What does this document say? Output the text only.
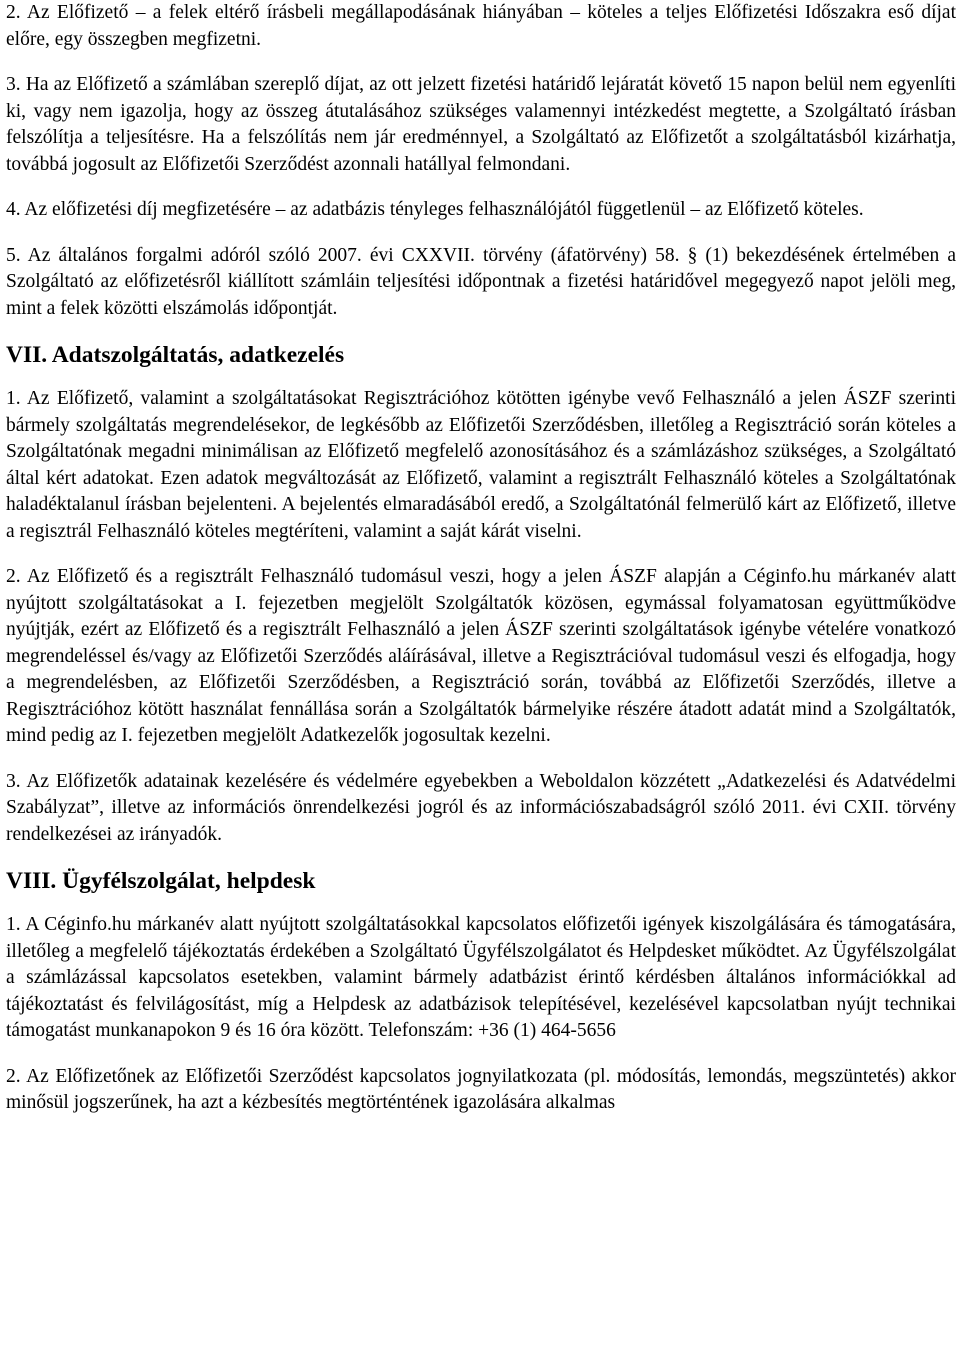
2. Az Előfizető – a felek eltérő írásbeli megállapodásának hiányában – köteles a teljes Előfizetési Időszakra eső díjat előre, egy összegben megfizetni.

3. Ha az Előfizető a számlában szereplő díjat, az ott jelzett fizetési határidő lejáratát követő 15 napon belül nem egyenlíti ki, vagy nem igazolja, hogy az összeg átutalásához szükséges valamennyi intézkedést megtette, a Szolgáltató írásban felszólítja a teljesítésre. Ha a felszólítás nem jár eredménnyel, a Szolgáltató az Előfizetőt a szolgáltatásból kizárhatja, továbbá jogosult az Előfizetői Szerződést azonnali hatállyal felmondani.

4. Az előfizetési díj megfizetésére – az adatbázis tényleges felhasználójától függetlenül – az Előfizető köteles.

5. Az általános forgalmi adóról szóló 2007. évi CXXVII. törvény (áfatörvény) 58. § (1) bekezdésének értelmében a Szolgáltató az előfizetésről kiállított számláin teljesítési időpontnak a fizetési határidővel megegyező napot jelöli meg, mint a felek közötti elszámolás időpontját.

VII. Adatszolgáltatás, adatkezelés

1. Az Előfizető, valamint a szolgáltatásokat Regisztrációhoz kötötten igénybe vevő Felhasználó a jelen ÁSZF szerinti bármely szolgáltatás megrendelésekor, de legkésőbb az Előfizetői Szerződésben, illetőleg a Regisztráció során köteles a Szolgáltatónak megadni minimálisan az Előfizető megfelelő azonosításához és a számlázáshoz szükséges, a Szolgáltató által kért adatokat. Ezen adatok megváltozását az Előfizető, valamint a regisztrált Felhasználó köteles a Szolgáltatónak haladéktalanul írásban bejelenteni. A bejelentés elmaradásából eredő, a Szolgáltatónál felmerülő kárt az Előfizető, illetve a regisztrál Felhasználó köteles megtéríteni, valamint a saját kárát viselni.

2. Az Előfizető és a regisztrált Felhasználó tudomásul veszi, hogy a jelen ÁSZF alapján a Céginfo.hu márkanév alatt nyújtott szolgáltatásokat a I. fejezetben megjelölt Szolgáltatók közösen, egymással folyamatosan együttműködve nyújtják, ezért az Előfizető és a regisztrált Felhasználó a jelen ÁSZF szerinti szolgáltatások igénybe vételére vonatkozó megrendeléssel és/vagy az Előfizetői Szerződés aláírásával, illetve a Regisztrációval tudomásul veszi és elfogadja, hogy a megrendelésben, az Előfizetői Szerződésben, a Regisztráció során, továbbá az Előfizetői Szerződés, illetve a Regisztrációhoz kötött használat fennállása során a Szolgáltatók bármelyike részére átadott adatát mind a Szolgáltatók, mind pedig az I. fejezetben megjelölt Adatkezelők jogosultak kezelni.

3. Az Előfizetők adatainak kezelésére és védelmére egyebekben a Weboldalon közzétett „Adatkezelési és Adatvédelmi Szabályzat”, illetve az információs önrendelkezési jogról és az információszabadságról szóló 2011. évi CXII. törvény rendelkezései az irányadók.

VIII. Ügyfélszolgálat, helpdesk

1. A Céginfo.hu márkanév alatt nyújtott szolgáltatásokkal kapcsolatos előfizetői igények kiszolgálására és támogatására, illetőleg a megfelelő tájékoztatás érdekében a Szolgáltató Ügyfélszolgálatot és Helpdesket működtet. Az Ügyfélszolgálat a számlázással kapcsolatos esetekben, valamint bármely adatbázist érintő kérdésben általános információkkal ad tájékoztatást és felvilágosítást, míg a Helpdesk az adatbázisok telepítésével, kezelésével kapcsolatban nyújt technikai támogatást munkanapokon 9 és 16 óra között. Telefonszám: +36 (1) 464-5656

2. Az Előfizetőnek az Előfizetői Szerződést kapcsolatos jognyilatkozata (pl. módosítás, lemondás, megszüntetés) akkor minősül jogszerűnek, ha azt a kézbesítés megtörténtének igazolására alkalmas
